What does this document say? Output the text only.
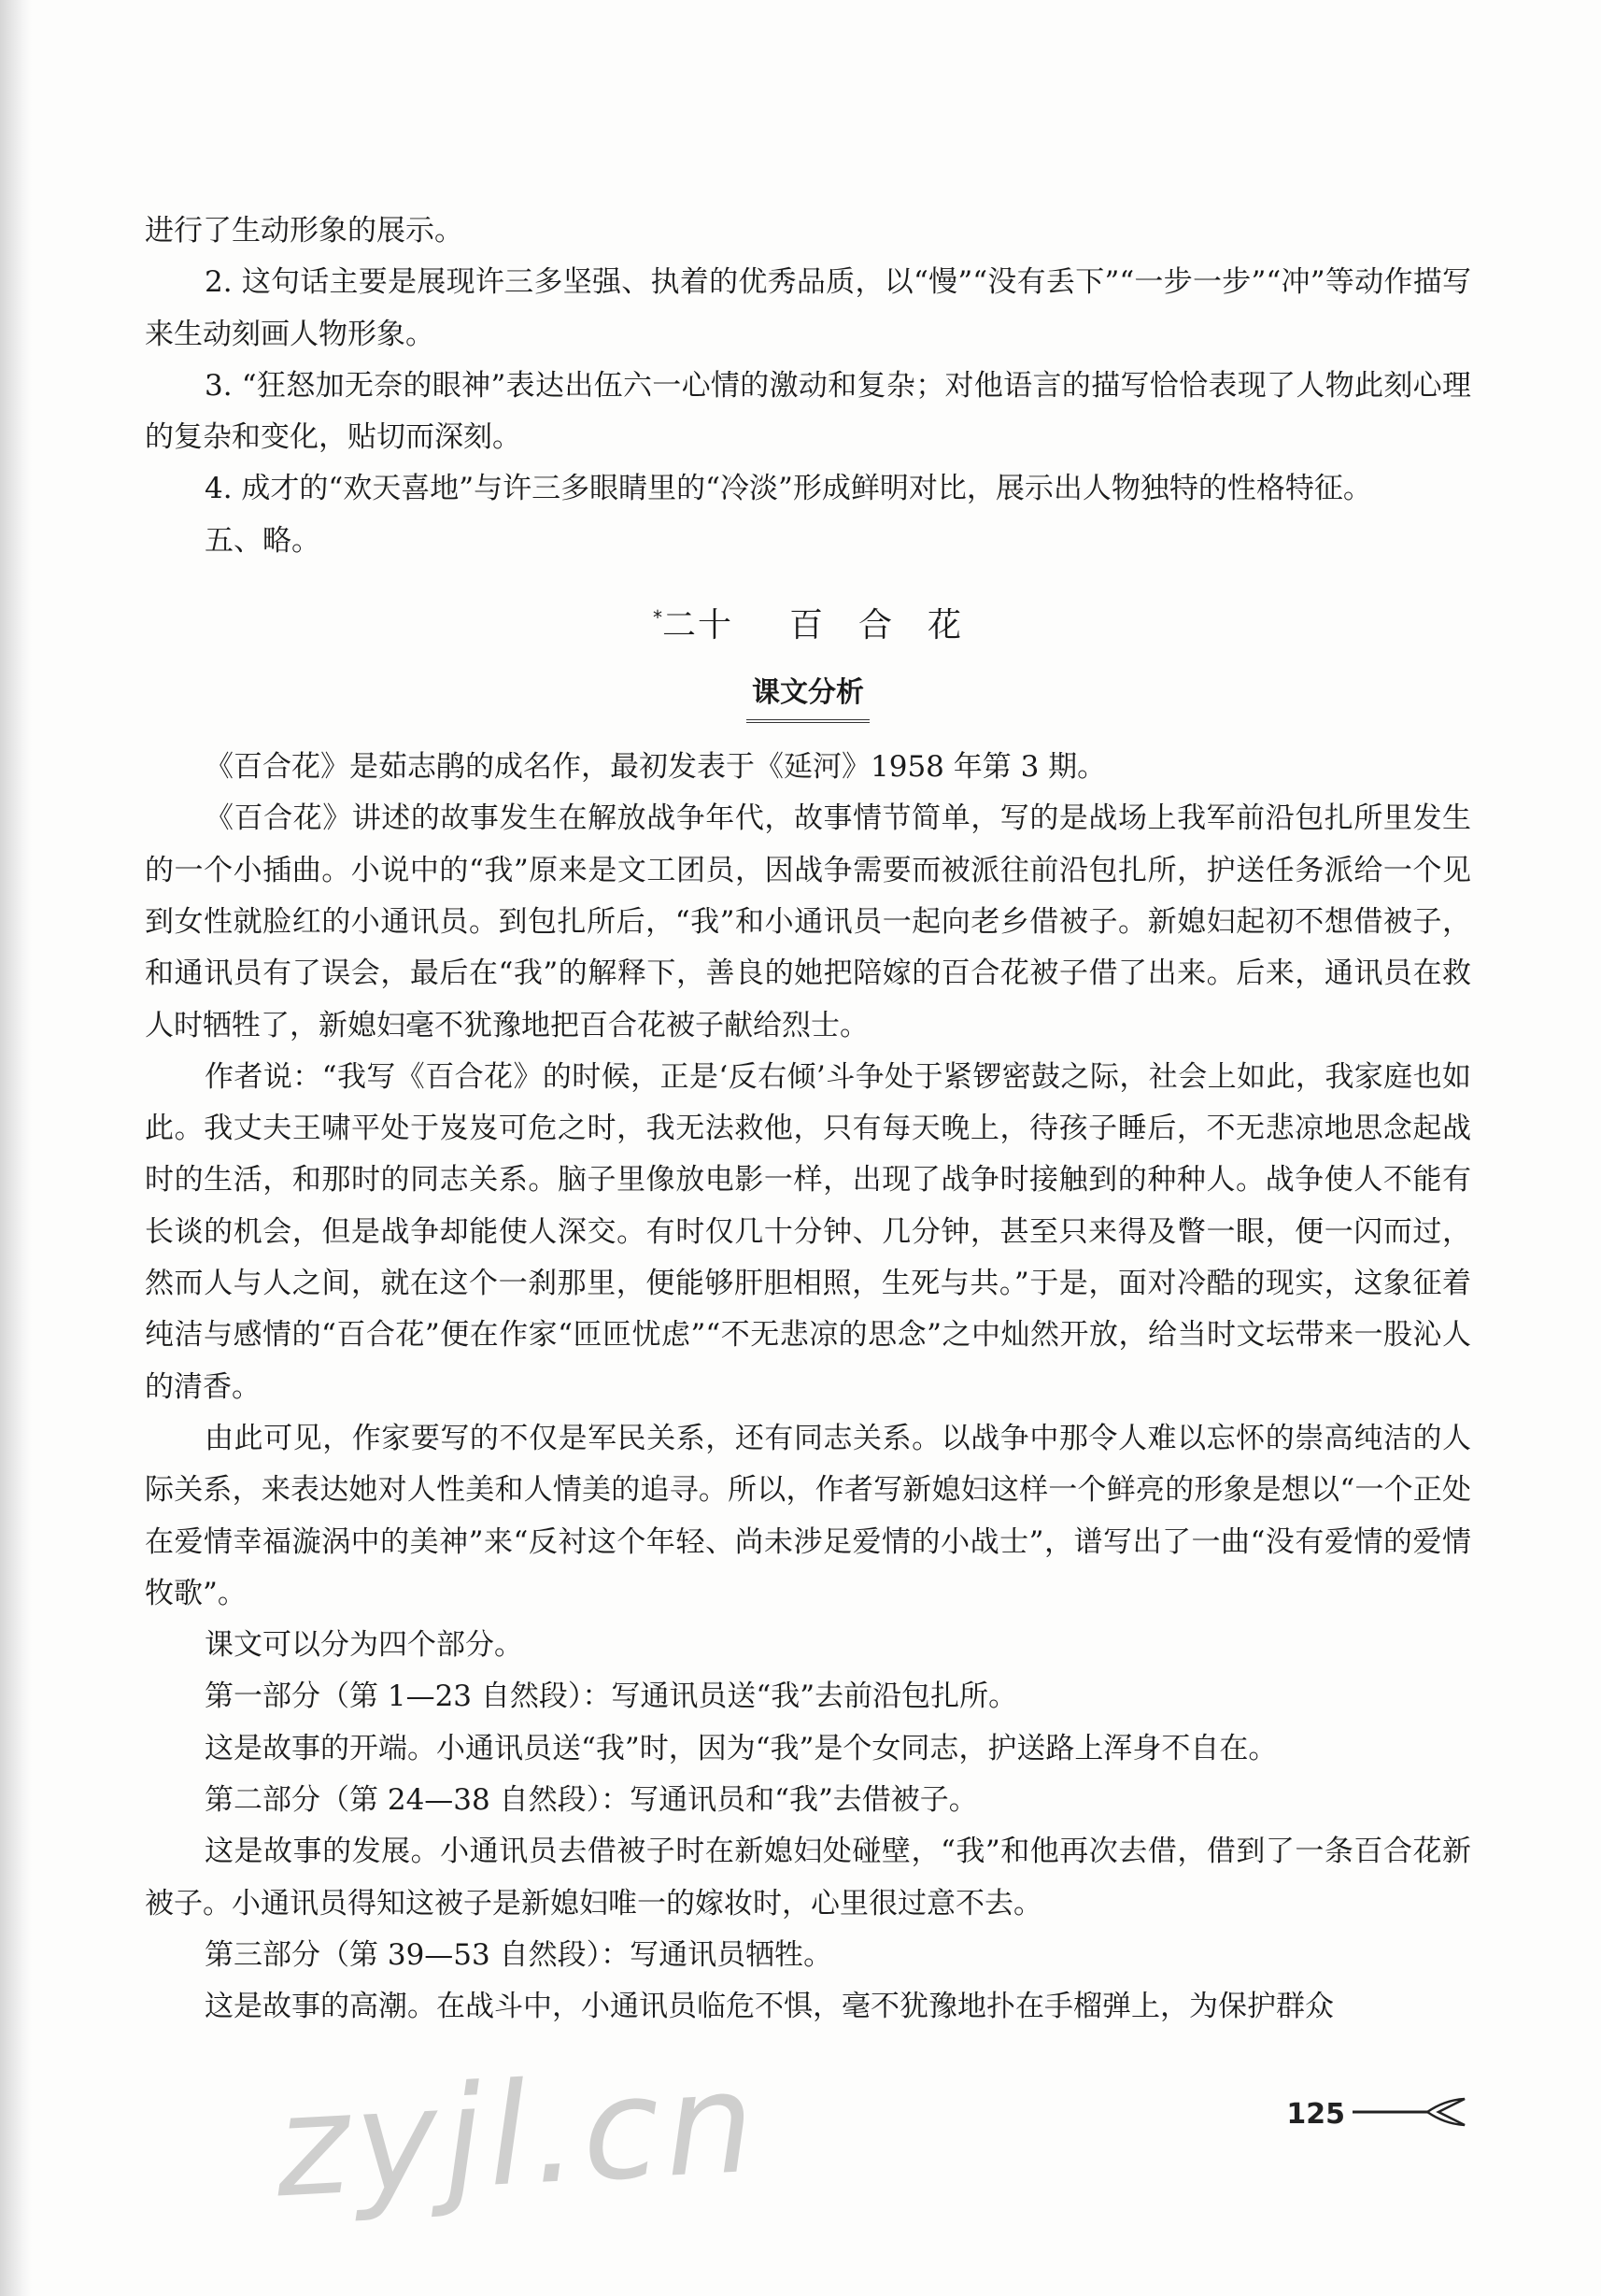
进行了生动形象的展示。

2. 这句话主要是展现许三多坚强、执着的优秀品质，以“慢”“没有丢下”“一步一步”“冲”等动作描写来生动刻画人物形象。

3. “狂怒加无奈的眼神”表达出伍六一心情的激动和复杂；对他语言的描写恰恰表现了人物此刻心理的复杂和变化，贴切而深刻。

4. 成才的“欢天喜地”与许三多眼睛里的“冷淡”形成鲜明对比，展示出人物独特的性格特征。

五、略。

*二十 百 合 花
课文分析

《百合花》是茹志鹃的成名作，最初发表于《延河》1958 年第 3 期。

《百合花》讲述的故事发生在解放战争年代，故事情节简单，写的是战场上我军前沿包扎所里发生的一个小插曲。小说中的“我”原来是文工团员，因战争需要而被派往前沿包扎所，护送任务派给一个见到女性就脸红的小通讯员。到包扎所后，“我”和小通讯员一起向老乡借被子。新媳妇起初不想借被子，和通讯员有了误会，最后在“我”的解释下，善良的她把陪嫁的百合花被子借了出来。后来，通讯员在救人时牺牲了，新媳妇毫不犹豫地把百合花被子献给烈士。

作者说：“我写《百合花》的时候，正是‘反右倾’斗争处于紧锣密鼓之际，社会上如此，我家庭也如此。我丈夫王啸平处于岌岌可危之时，我无法救他，只有每天晚上，待孩子睡后，不无悲凉地思念起战时的生活，和那时的同志关系。脑子里像放电影一样，出现了战争时接触到的种种人。战争使人不能有长谈的机会，但是战争却能使人深交。有时仅几十分钟、几分钟，甚至只来得及瞥一眼，便一闪而过，然而人与人之间，就在这个一刹那里，便能够肝胆相照，生死与共。”于是，面对冷酷的现实，这象征着纯洁与感情的“百合花”便在作家“匝匝忧虑”“不无悲凉的思念”之中灿然开放，给当时文坛带来一股沁人的清香。

由此可见，作家要写的不仅是军民关系，还有同志关系。以战争中那令人难以忘怀的崇高纯洁的人际关系，来表达她对人性美和人情美的追寻。所以，作者写新媳妇这样一个鲜亮的形象是想以“一个正处在爱情幸福漩涡中的美神”来“反衬这个年轻、尚未涉足爱情的小战士”，谱写出了一曲“没有爱情的爱情牧歌”。

课文可以分为四个部分。

第一部分（第 1—23 自然段）：写通讯员送“我”去前沿包扎所。

这是故事的开端。小通讯员送“我”时，因为“我”是个女同志，护送路上浑身不自在。

第二部分（第 24—38 自然段）：写通讯员和“我”去借被子。

这是故事的发展。小通讯员去借被子时在新媳妇处碰壁，“我”和他再次去借，借到了一条百合花新被子。小通讯员得知这被子是新媳妇唯一的嫁妆时，心里很过意不去。

第三部分（第 39—53 自然段）：写通讯员牺牲。

这是故事的高潮。在战斗中，小通讯员临危不惧，毫不犹豫地扑在手榴弹上，为保护群众

zyjl.cn	125
